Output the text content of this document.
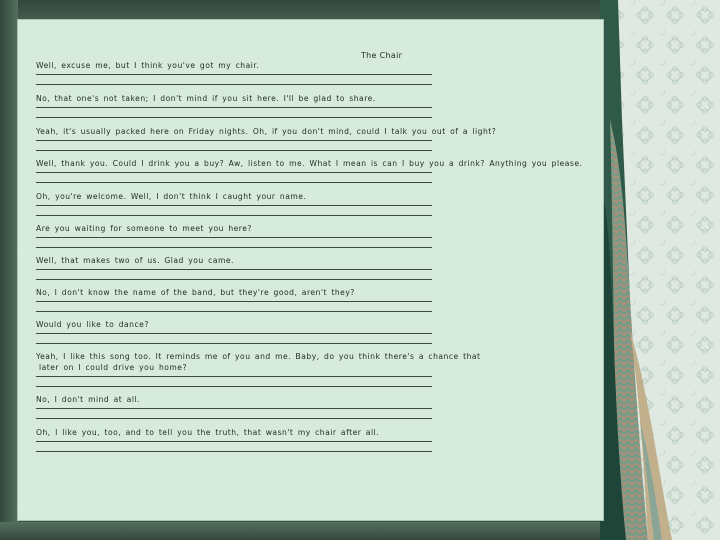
The Chair
Well, excuse me, but I think you've got my chair.
No, that one's not taken; I don't mind if you sit here. I'll be glad to share.
Yeah, it's usually packed here on Friday nights. Oh, if you don't mind, could I talk you out of a light?
Well, thank you. Could I drink you a buy? Aw, listen to me. What I mean is can I buy you a drink? Anything you please.
Oh, you're welcome. Well, I don't think I caught your name.
Are you waiting for someone to meet you here?
Well, that makes two of us. Glad you came.
No, I don't know the name of the band, but they're good, aren't they?
Would you like to dance?
Yeah, I like this song too. It reminds me of you and me. Baby, do you think there's a chance that
later on I could drive you home?
No, I don't mind at all.
Oh, I like you, too, and to tell you the truth, that wasn't my chair after all.
